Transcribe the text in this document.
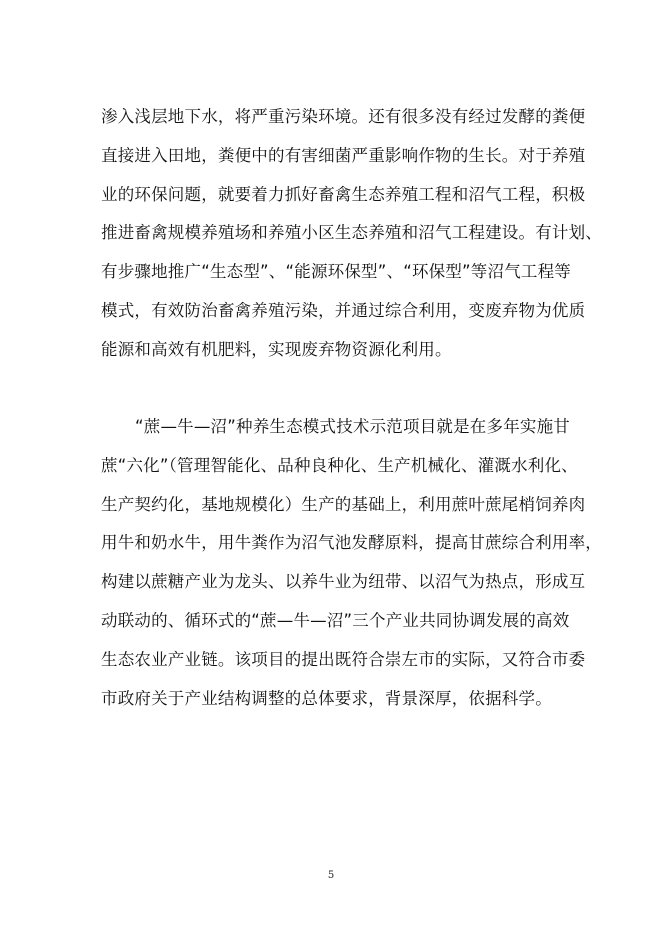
渗入浅层地下水，将严重污染环境。还有很多没有经过发酵的粪便
直接进入田地，粪便中的有害细菌严重影响作物的生长。对于养殖
业的环保问题，就要着力抓好畜禽生态养殖工程和沼气工程，积极
推进畜禽规模养殖场和养殖小区生态养殖和沼气工程建设。有计划、
有步骤地推广“生态型”、“能源环保型”、“环保型”等沼气工程等
模式，有效防治畜禽养殖污染，并通过综合利用，变废弃物为优质
能源和高效有机肥料，实现废弃物资源化利用。

“蔗—牛—沼”种养生态模式技术示范项目就是在多年实施甘
蔗“六化”（管理智能化、品种良种化、生产机械化、灌溉水利化、
生产契约化，基地规模化）生产的基础上，利用蔗叶蔗尾梢饲养肉
用牛和奶水牛，用牛粪作为沼气池发酵原料，提高甘蔗综合利用率，
构建以蔗糖产业为龙头、以养牛业为纽带、以沼气为热点，形成互
动联动的、循环式的“蔗—牛—沼”三个产业共同协调发展的高效
生态农业产业链。该项目的提出既符合崇左市的实际，又符合市委
市政府关于产业结构调整的总体要求，背景深厚，依据科学。

5
